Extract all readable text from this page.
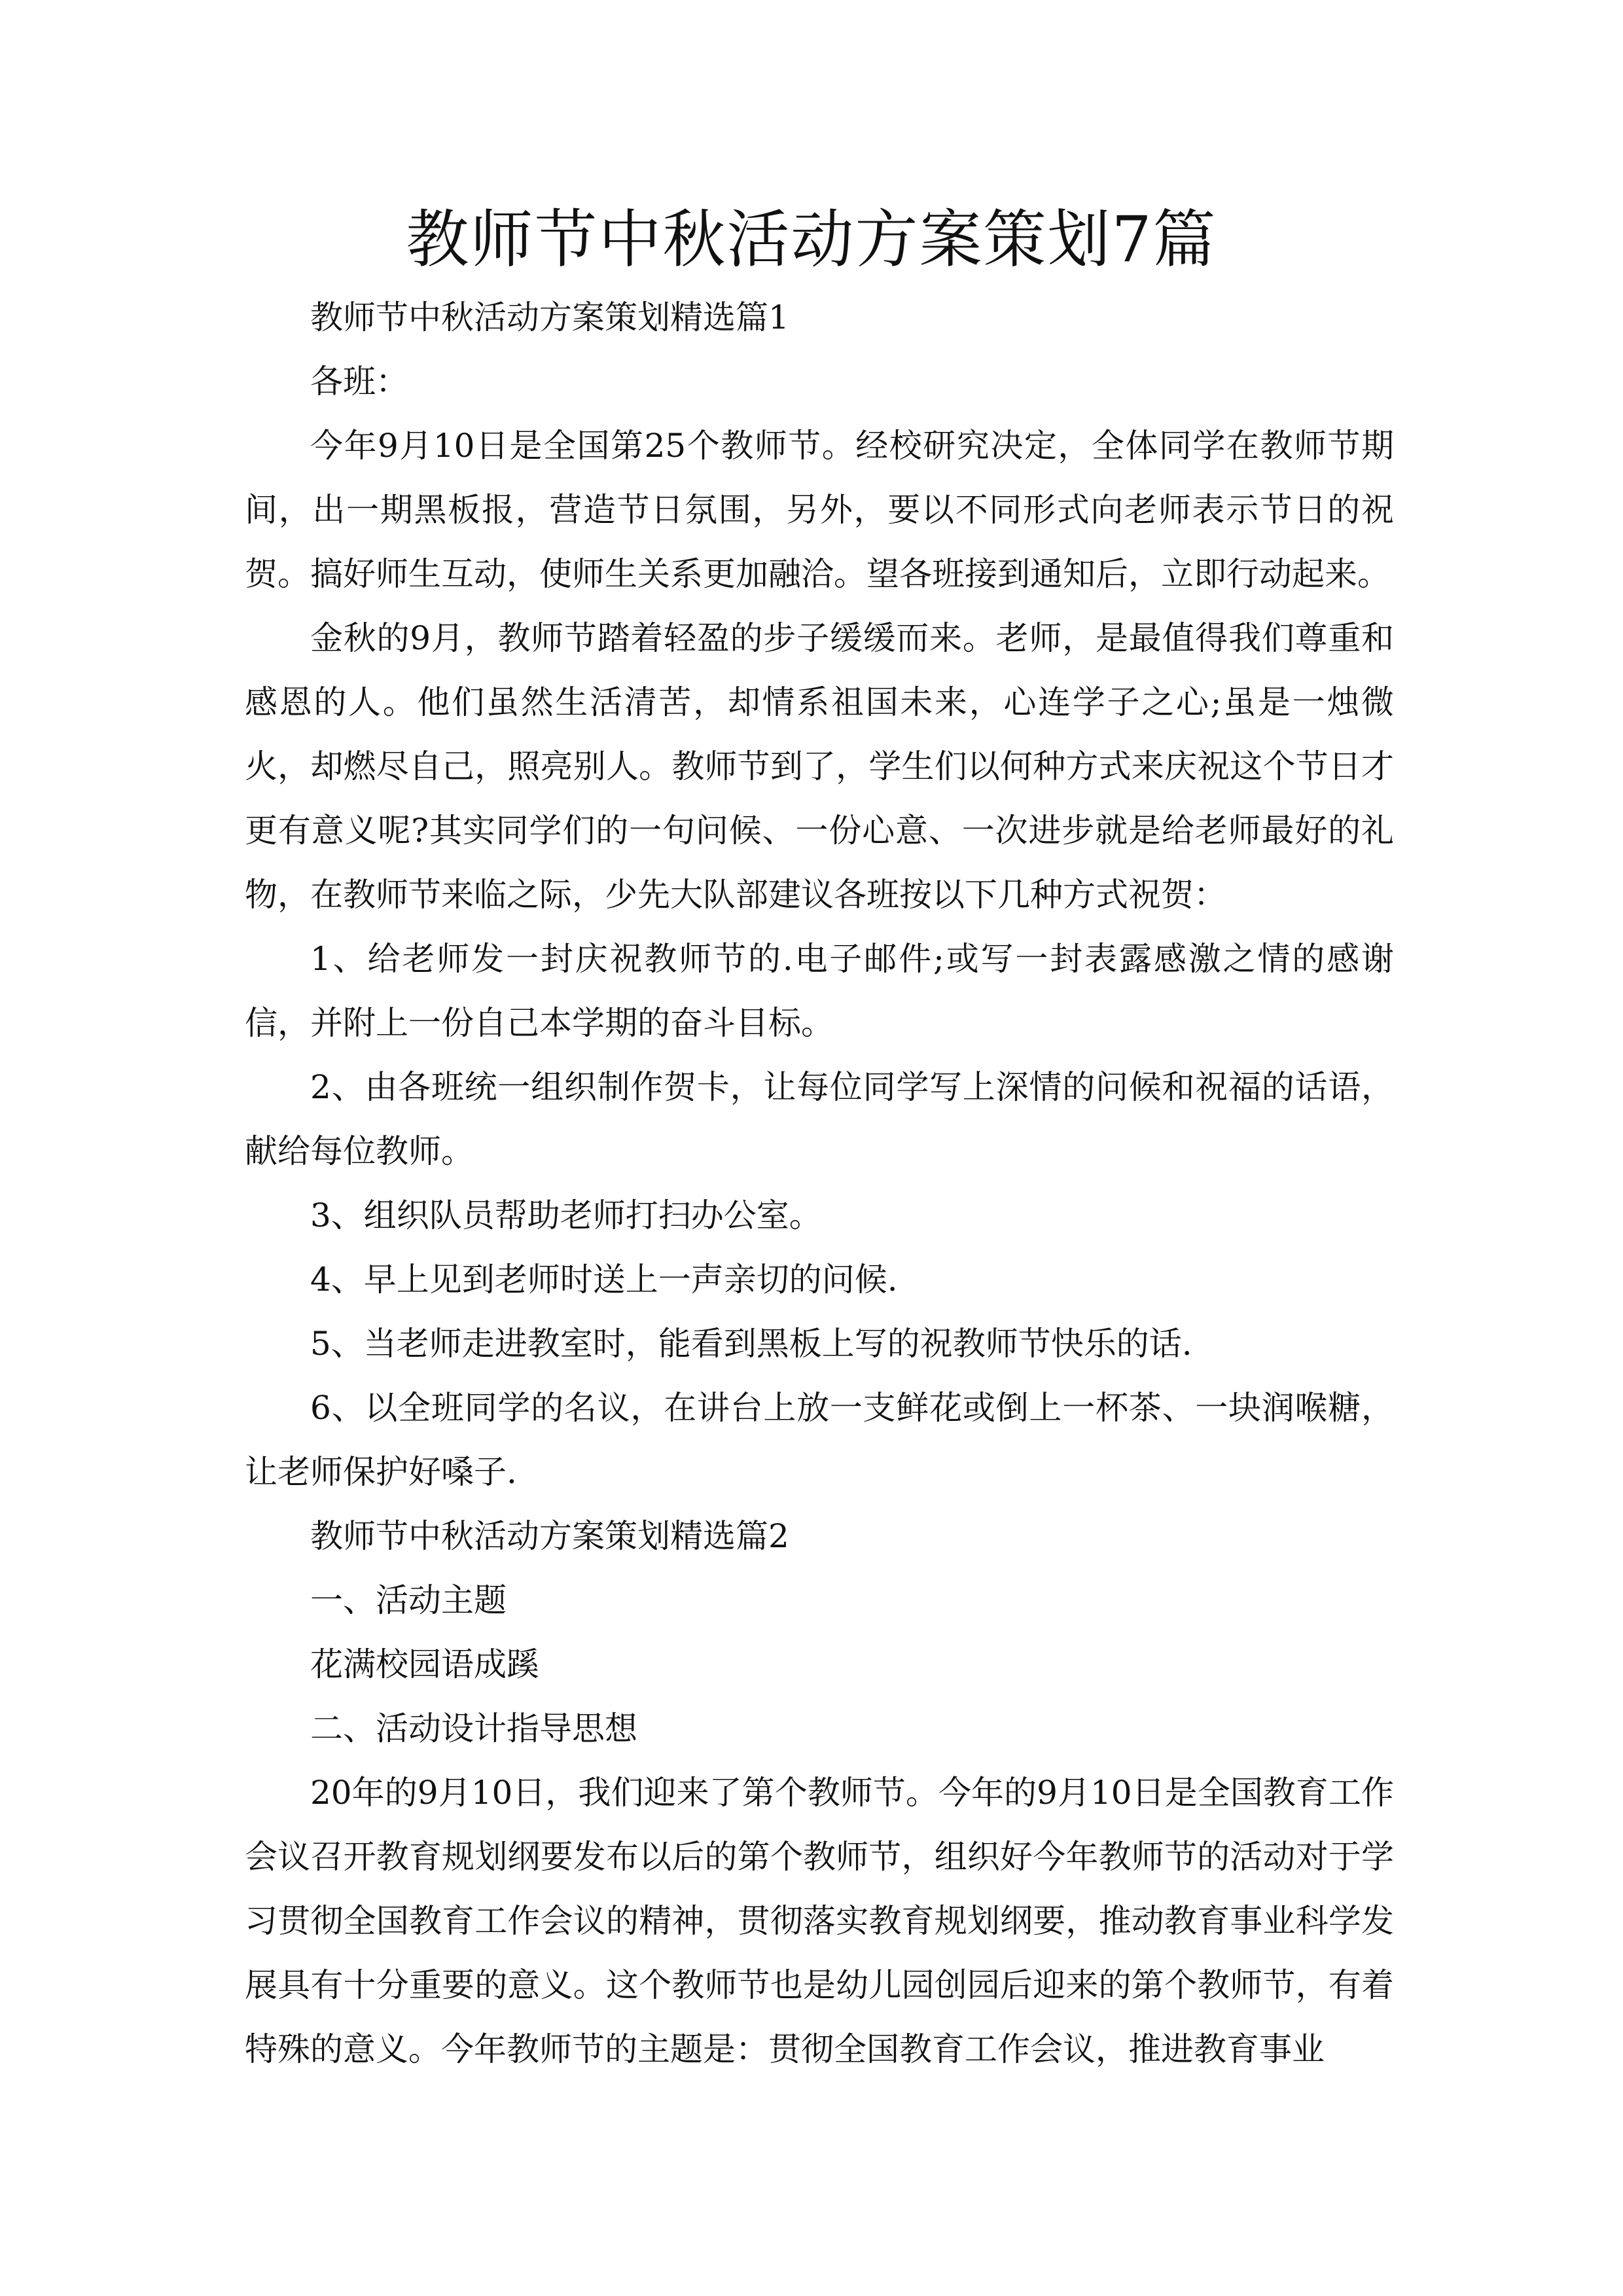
教师节中秋活动方案策划7篇

教师节中秋活动方案策划精选篇1

各班：

今年9月10日是全国第25个教师节。经校研究决定，全体同学在教师节期间，出一期黑板报，营造节日氛围，另外，要以不同形式向老师表示节日的祝贺。搞好师生互动，使师生关系更加融洽。望各班接到通知后，立即行动起来。

金秋的9月，教师节踏着轻盈的步子缓缓而来。老师，是最值得我们尊重和感恩的人。他们虽然生活清苦，却情系祖国未来，心连学子之心;虽是一烛微火，却燃尽自己，照亮别人。教师节到了，学生们以何种方式来庆祝这个节日才更有意义呢?其实同学们的一句问候、一份心意、一次进步就是给老师最好的礼物，在教师节来临之际，少先大队部建议各班按以下几种方式祝贺：

1、给老师发一封庆祝教师节的.电子邮件;或写一封表露感激之情的感谢信，并附上一份自己本学期的奋斗目标。

2、由各班统一组织制作贺卡，让每位同学写上深情的问候和祝福的话语，献给每位教师。

3、组织队员帮助老师打扫办公室。

4、早上见到老师时送上一声亲切的问候.

5、当老师走进教室时，能看到黑板上写的祝教师节快乐的话.

6、以全班同学的名议，在讲台上放一支鲜花或倒上一杯茶、一块润喉糖，让老师保护好嗓子.

教师节中秋活动方案策划精选篇2

一、活动主题

花满校园语成蹊

二、活动设计指导思想

20年的9月10日，我们迎来了第个教师节。今年的9月10日是全国教育工作会议召开教育规划纲要发布以后的第个教师节，组织好今年教师节的活动对于学习贯彻全国教育工作会议的精神，贯彻落实教育规划纲要，推动教育事业科学发展具有十分重要的意义。这个教师节也是幼儿园创园后迎来的第个教师节，有着特殊的意义。今年教师节的主题是：贯彻全国教育工作会议，推进教育事业
